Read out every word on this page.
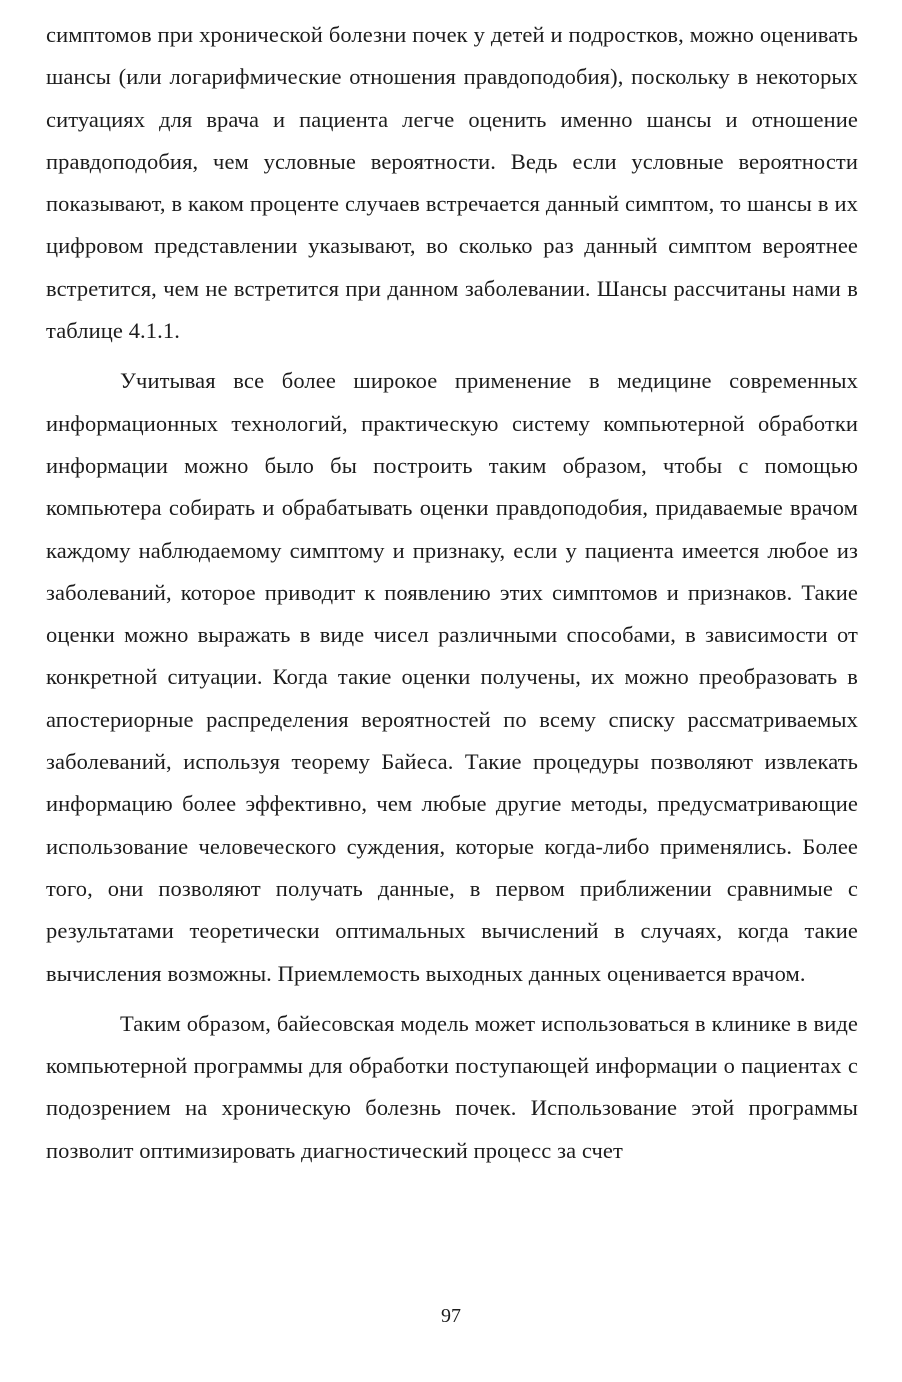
симптомов при хронической болезни почек у детей и подростков, можно оценивать шансы (или логарифмические отношения правдоподобия), поскольку в некоторых ситуациях для врача и пациента легче оценить именно шансы и отношение правдоподобия, чем условные вероятности. Ведь если условные вероятности показывают, в каком проценте случаев встречается данный симптом, то шансы в их цифровом представлении указывают, во сколько раз данный симптом вероятнее встретится, чем не встретится при данном заболевании. Шансы рассчитаны нами в таблице 4.1.1.

Учитывая все более широкое применение в медицине современных информационных технологий, практическую систему компьютерной обработки информации можно было бы построить таким образом, чтобы с помощью компьютера собирать и обрабатывать оценки правдоподобия, придаваемые врачом каждому наблюдаемому симптому и признаку, если у пациента имеется любое из заболеваний, которое приводит к появлению этих симптомов и признаков. Такие оценки можно выражать в виде чисел различными способами, в зависимости от конкретной ситуации. Когда такие оценки получены, их можно преобразовать в апостериорные распределения вероятностей по всему списку рассматриваемых заболеваний, используя теорему Байеса. Такие процедуры позволяют извлекать информацию более эффективно, чем любые другие методы, предусматривающие использование человеческого суждения, которые когда-либо применялись. Более того, они позволяют получать данные, в первом приближении сравнимые с результатами теоретически оптимальных вычислений в случаях, когда такие вычисления возможны. Приемлемость выходных данных оценивается врачом.

Таким образом, байесовская модель может использоваться в клинике в виде компьютерной программы для обработки поступающей информации о пациентах с подозрением на хроническую болезнь почек. Использование этой программы позволит оптимизировать диагностический процесс за счет

97
